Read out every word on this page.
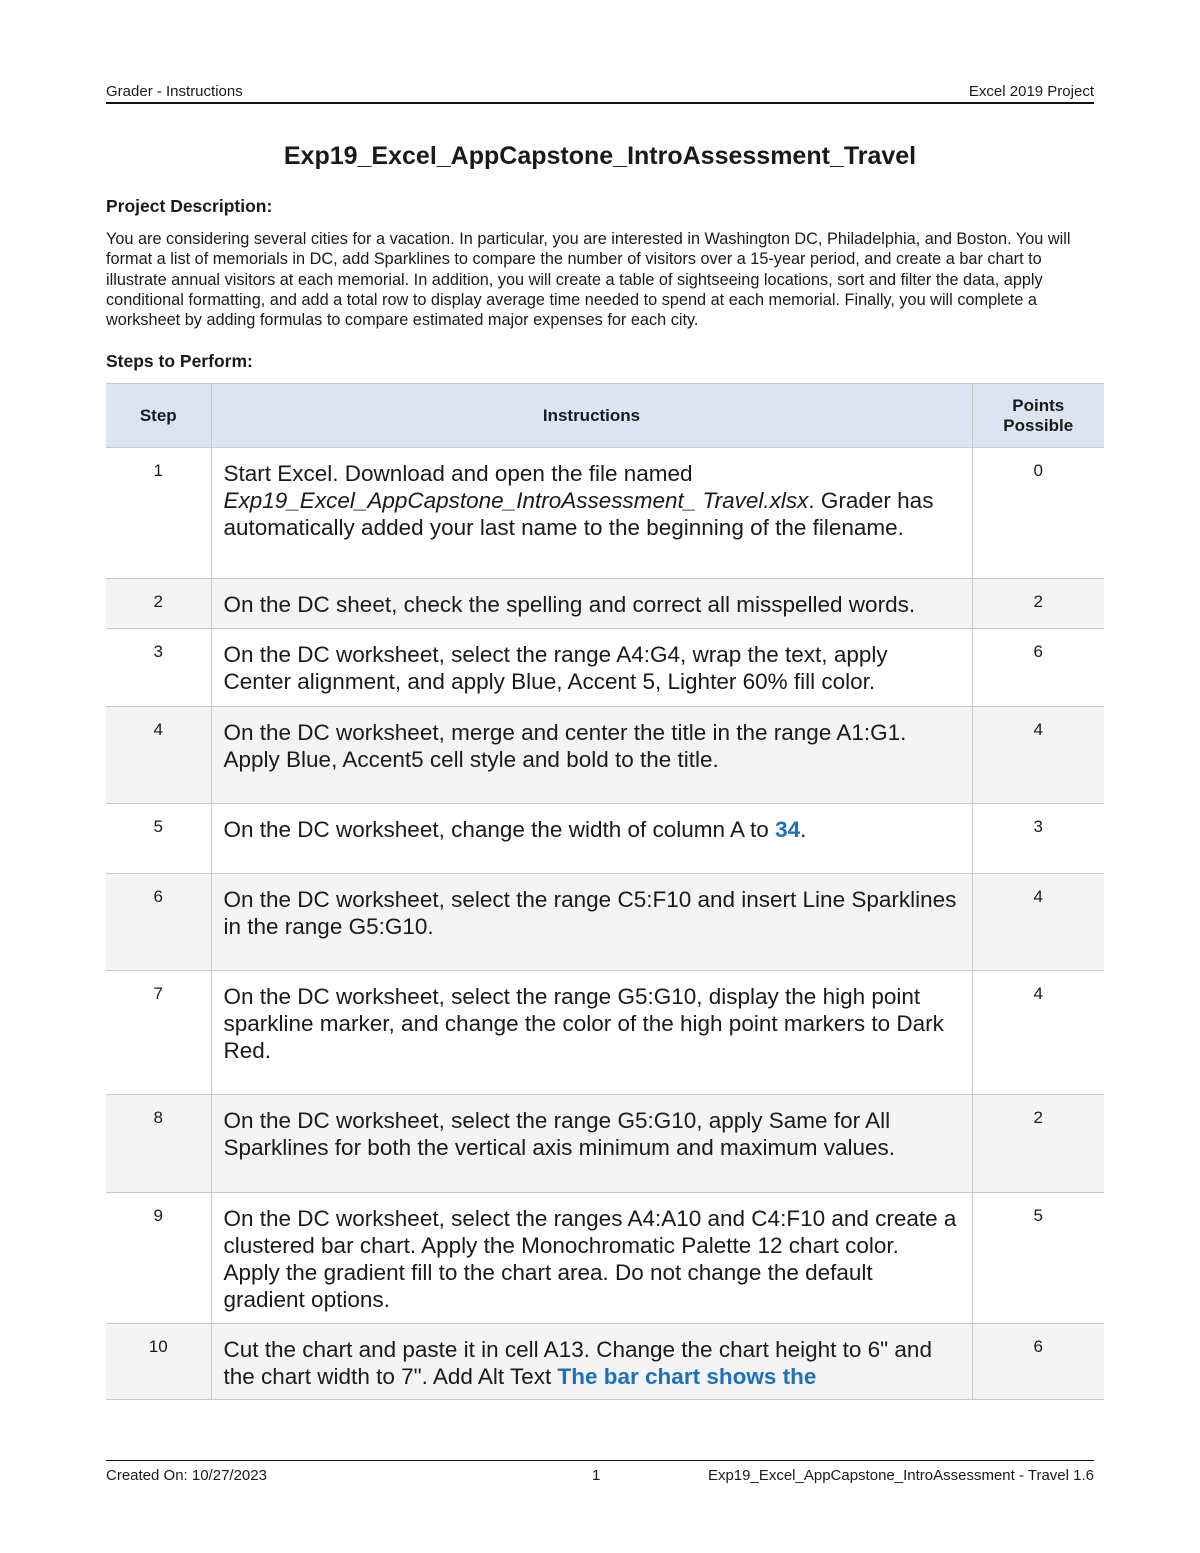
Grader - Instructions	Excel 2019 Project
Exp19_Excel_AppCapstone_IntroAssessment_Travel
Project Description:
You are considering several cities for a vacation. In particular, you are interested in Washington DC, Philadelphia, and Boston. You will format a list of memorials in DC, add Sparklines to compare the number of visitors over a 15-year period, and create a bar chart to illustrate annual visitors at each memorial. In addition, you will create a table of sightseeing locations, sort and filter the data, apply conditional formatting, and add a total row to display average time needed to spend at each memorial. Finally, you will complete a worksheet by adding formulas to compare estimated major expenses for each city.
Steps to Perform:
Step	Instructions	Points
Possible
1	Start Excel. Download and open the file named Exp19_Excel_AppCapstone_IntroAssessment_ Travel.xlsx. Grader has automatically added your last name to the beginning of the filename.	0
2	On the DC sheet, check the spelling and correct all misspelled words.	2
3	On the DC worksheet, select the range A4:G4, wrap the text, apply Center alignment, and apply Blue, Accent 5, Lighter 60% fill color.	6
4	On the DC worksheet, merge and center the title in the range A1:G1. Apply Blue, Accent5 cell style and bold to the title.	4
5	On the DC worksheet, change the width of column A to 34.	3
6	On the DC worksheet, select the range C5:F10 and insert Line Sparklines in the range G5:G10.	4
7	On the DC worksheet, select the range G5:G10, display the high point sparkline marker, and change the color of the high point markers to Dark Red.	4
8	On the DC worksheet, select the range G5:G10, apply Same for All Sparklines for both the vertical axis minimum and maximum values.	2
9	On the DC worksheet, select the ranges A4:A10 and C4:F10 and create a clustered bar chart. Apply the Monochromatic Palette 12 chart color. Apply the gradient fill to the chart area. Do not change the default gradient options.	5
10	Cut the chart and paste it in cell A13. Change the chart height to 6" and the chart width to 7". Add Alt Text The bar chart shows the	6
Created On: 10/27/2023	1	Exp19_Excel_AppCapstone_IntroAssessment - Travel 1.6
